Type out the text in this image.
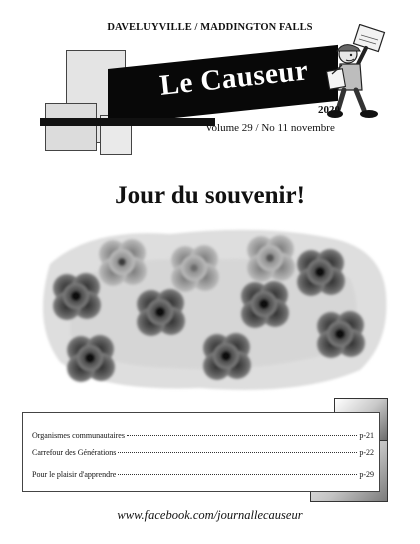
DAVELUYVILLE / MADDINGTON FALLS
Le Causeur
2020
Volume 29 / No 11 novembre
Jour du souvenir!
Organismes communautaires	p-21
Carrefour des Générations	p-22
Pour le plaisir d'apprendre	p-29
www.facebook.com/journallecauseur
